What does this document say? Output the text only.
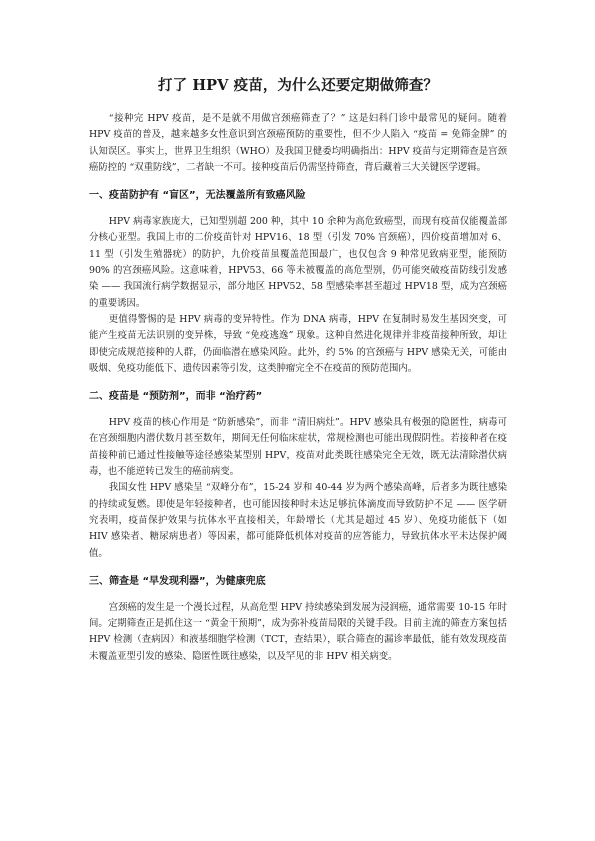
打了 HPV 疫苗，为什么还要定期做筛查？

“接种完 HPV 疫苗，是不是就不用做宫颈癌筛查了？” 这是妇科门诊中最常见的疑问。随着 HPV 疫苗的普及，越来越多女性意识到宫颈癌预防的重要性，但不少人陷入 “疫苗 = 免筛金牌” 的认知误区。事实上，世界卫生组织（WHO）及我国卫健委均明确指出：HPV 疫苗与定期筛查是宫颈癌防控的 “双重防线”，二者缺一不可。接种疫苗后仍需坚持筛查，背后藏着三大关键医学逻辑。

一、疫苗防护有 “盲区”，无法覆盖所有致癌风险

HPV 病毒家族庞大，已知型别超 200 种，其中 10 余种为高危致癌型，而现有疫苗仅能覆盖部分核心亚型。我国上市的二价疫苗针对 HPV16、18 型（引发 70% 宫颈癌），四价疫苗增加对 6、11 型（引发生殖器疣）的防护，九价疫苗虽覆盖范围最广，也仅包含 9 种常见致病亚型，能预防 90% 的宫颈癌风险。这意味着，HPV53、66 等未被覆盖的高危型别，仍可能突破疫苗防线引发感染 —— 我国流行病学数据显示，部分地区 HPV52、58 型感染率甚至超过 HPV18 型，成为宫颈癌的重要诱因。

更值得警惕的是 HPV 病毒的变异特性。作为 DNA 病毒，HPV 在复制时易发生基因突变，可能产生疫苗无法识别的变异株，导致 “免疫逃逸” 现象。这种自然进化规律并非疫苗接种所致，却让即使完成规范接种的人群，仍面临潜在感染风险。此外，约 5% 的宫颈癌与 HPV 感染无关，可能由吸烟、免疫功能低下、遗传因素等引发，这类肿瘤完全不在疫苗的预防范围内。

二、疫苗是 “预防剂”，而非 “治疗药”

HPV 疫苗的核心作用是 “防新感染”，而非 “清旧病灶”。HPV 感染具有极强的隐匿性，病毒可在宫颈细胞内潜伏数月甚至数年，期间无任何临床症状，常规检测也可能出现假阴性。若接种者在疫苗接种前已通过性接触等途径感染某型别 HPV，疫苗对此类既往感染完全无效，既无法清除潜伏病毒，也不能逆转已发生的癌前病变。

我国女性 HPV 感染呈 “双峰分布”，15-24 岁和 40-44 岁为两个感染高峰，后者多为既往感染的持续或复燃。即使是年轻接种者，也可能因接种时未达足够抗体滴度而导致防护不足 —— 医学研究表明，疫苗保护效果与抗体水平直接相关，年龄增长（尤其是超过 45 岁）、免疫功能低下（如 HIV 感染者、糖尿病患者）等因素，都可能降低机体对疫苗的应答能力，导致抗体水平未达保护阈值。

三、筛查是 “早发现利器”，为健康兜底

宫颈癌的发生是一个漫长过程，从高危型 HPV 持续感染到发展为浸润癌，通常需要 10-15 年时间。定期筛查正是抓住这一 “黄金干预期”，成为弥补疫苗局限的关键手段。目前主流的筛查方案包括 HPV 检测（查病因）和液基细胞学检测（TCT，查结果），联合筛查的漏诊率最低，能有效发现疫苗未覆盖亚型引发的感染、隐匿性既往感染，以及罕见的非 HPV 相关病变。
